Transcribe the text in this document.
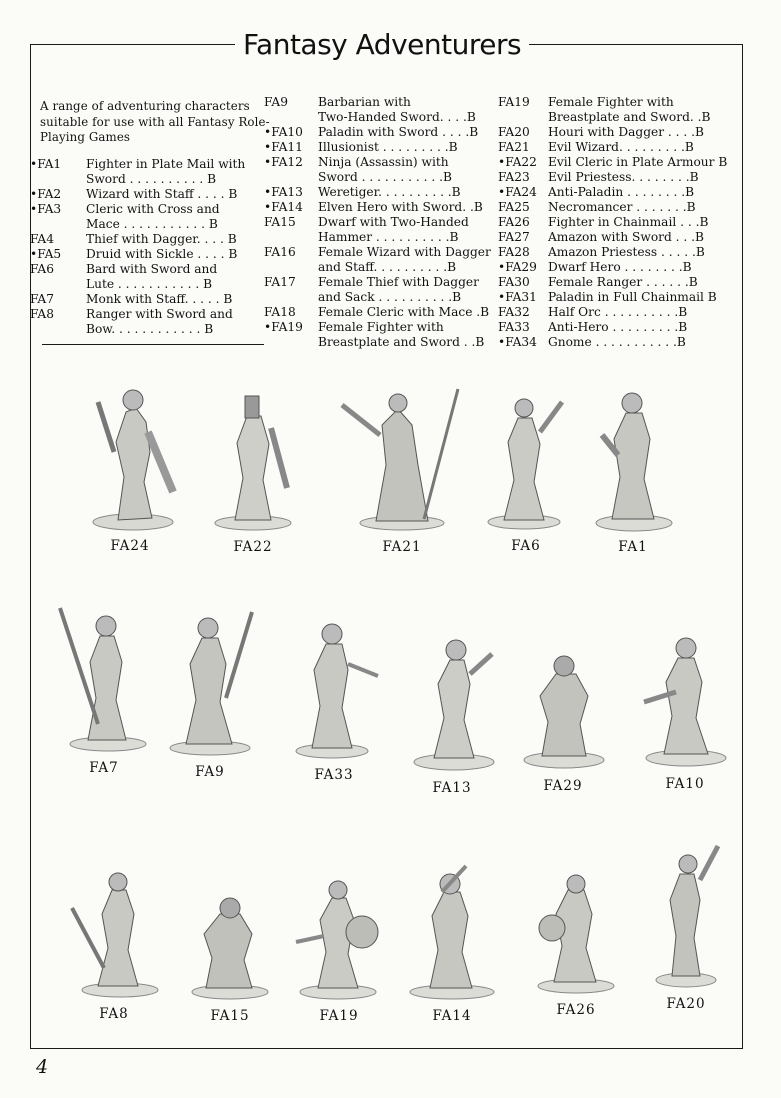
Fantasy Adventurers
A range of adventuring characters suitable for use with all Fantasy Role-Playing Games
•FA1	Fighter in Plate Mail with
Sword . . . . . . . . . . B
•FA2	Wizard with Staff . . . . B
•FA3	Cleric with Cross and
Mace . . . . . . . . . . . B
FA4	Thief with Dagger. . . . B
•FA5	Druid with Sickle . . . . B
FA6	Bard with Sword and
Lute . . . . . . . . . . . B
FA7	Monk with Staff. . . . . B
FA8	Ranger with Sword and
Bow. . . . . . . . . . . . B
FA9	Barbarian with
Two-Handed Sword. . . .B
•FA10	Paladin with Sword . . . .B
•FA11	Illusionist . . . . . . . . .B
•FA12	Ninja (Assassin) with
Sword . . . . . . . . . . .B
•FA13	Weretiger. . . . . . . . . .B
•FA14	Elven Hero with Sword. .B
FA15	Dwarf with Two-Handed
Hammer . . . . . . . . . .B
FA16	Female Wizard with Dagger
and Staff. . . . . . . . . .B
FA17	Female Thief with Dagger
and Sack . . . . . . . . . .B
FA18	Female Cleric with Mace .B
•FA19	Female Fighter with
Breastplate and Sword . .B
FA19	Female Fighter with
Breastplate and Sword. .B
FA20	Houri with Dagger . . . .B
FA21	Evil Wizard. . . . . . . . .B
•FA22 Evil Cleric in Plate Armour B
FA23	Evil Priestess. . . . . . . .B
•FA24 Anti-Paladin . . . . . . . .B
FA25	Necromancer . . . . . . .B
FA26	Fighter in Chainmail . . .B
FA27	Amazon with Sword . . .B
FA28	Amazon Priestess . . . . .B
•FA29 Dwarf Hero . . . . . . . .B
FA30	Female Ranger . . . . . .B
•FA31 Paladin in Full Chainmail B
FA32	Half Orc . . . . . . . . . .B
FA33	Anti-Hero . . . . . . . . .B
•FA34 Gnome . . . . . . . . . . .B
FA24	FA22	FA21	FA6	FA1
FA7	FA9	FA33
FA13	FA29	FA10
FA8	FA15	FA19	FA14	FA26	FA20
4
